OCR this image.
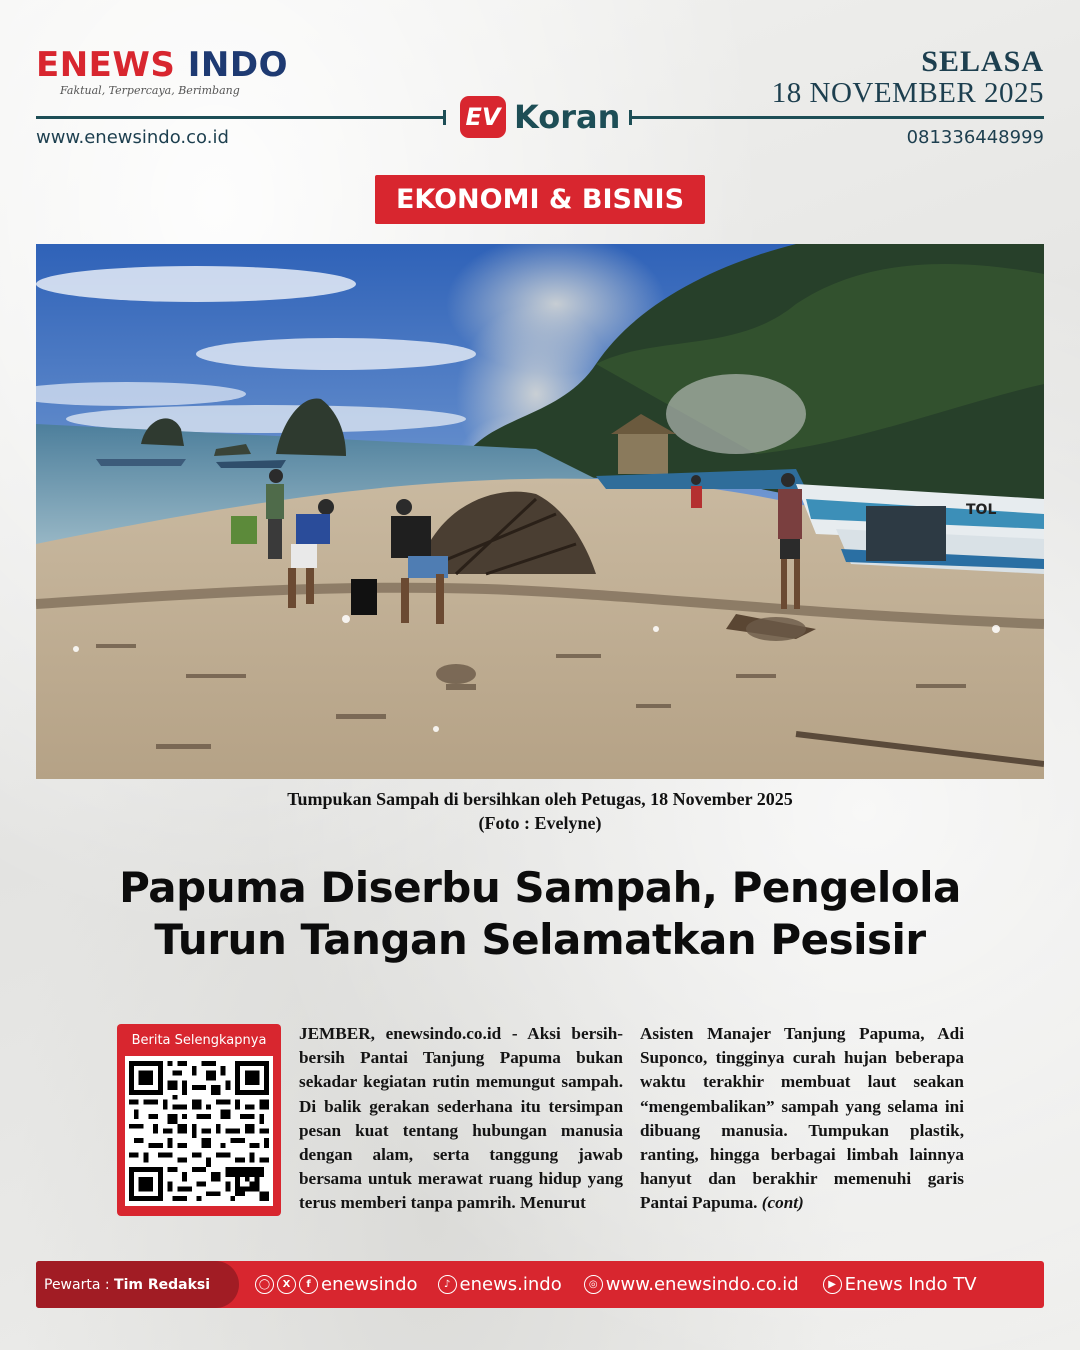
ENEWS INDO
Faktual, Terpercaya, Berimbang
SELASA
18 NOVEMBER 2025
EV Koran
www.enewsindo.co.id	081336448999
EKONOMI & BISNIS
TOL
Tumpukan Sampah di bersihkan oleh Petugas, 18 November 2025
(Foto : Evelyne)
Papuma Diserbu Sampah, Pengelola
Turun Tangan Selamatkan Pesisir
Berita Selengkapnya	JEMBER, enewsindo.co.id - Aksi bersih-bersih Pantai Tanjung Papuma bukan sekadar kegiatan rutin memungut sampah. Di balik gerakan sederhana itu tersimpan pesan kuat tentang hubungan manusia dengan alam, serta tanggung jawab bersama untuk merawat ruang hidup yang terus memberi tanpa pamrih. Menurut
Asisten Manajer Tanjung Papuma, Adi Suponco, tingginya curah hujan beberapa waktu terakhir membuat laut seakan “mengembalikan” sampah yang selama ini dibuang manusia. Tumpukan plastik, ranting, hingga berbagai limbah lainnya hanyut dan berakhir memenuhi garis Pantai Papuma. (cont)
Pewarta :
Tim Redaksi	◯	X	f enewsindo	♪ enews.indo	◎ www.enewsindo.co.id	▶ Enews Indo TV
